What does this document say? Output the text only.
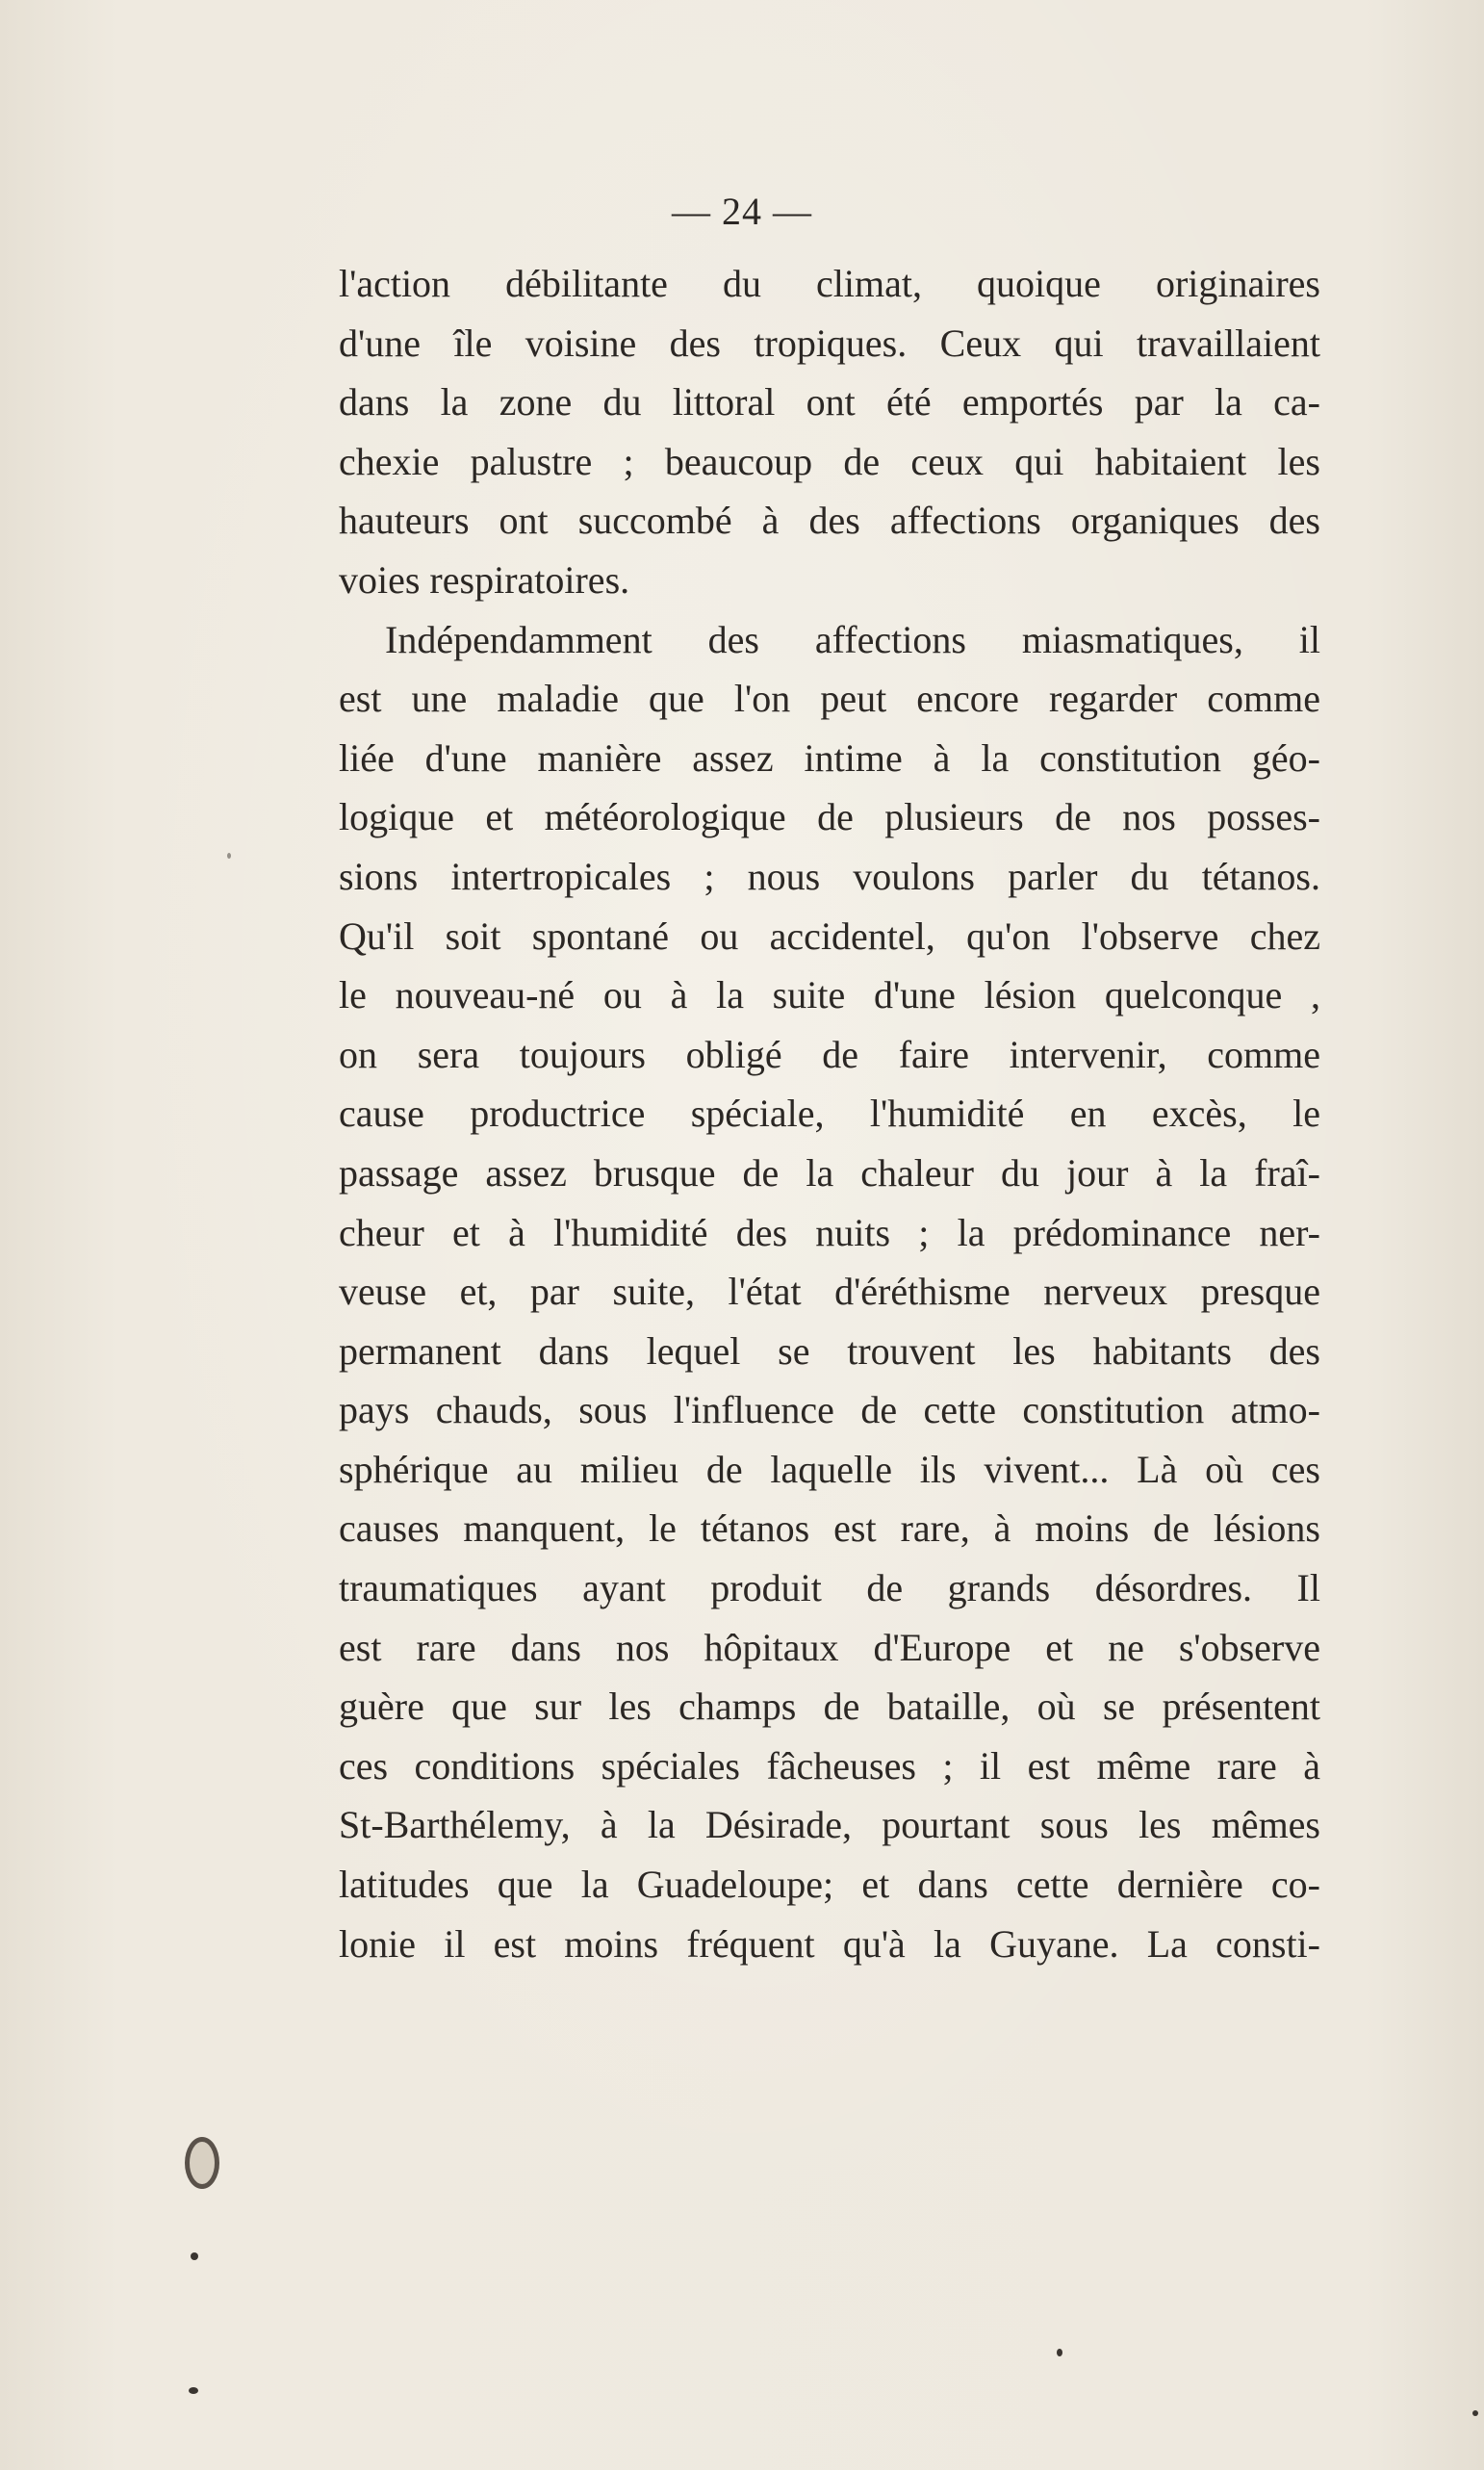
— 24 —
l'action débilitante du climat, quoique originaires
d'une île voisine des tropiques. Ceux qui travaillaient
dans la zone du littoral ont été emportés par la ca-
chexie palustre ; beaucoup de ceux qui habitaient les
hauteurs ont succombé à des affections organiques des
voies respiratoires.
Indépendamment des affections miasmatiques, il
est une maladie que l'on peut encore regarder comme
liée d'une manière assez intime à la constitution géo-
logique et météorologique de plusieurs de nos posses-
sions intertropicales ; nous voulons parler du tétanos.
Qu'il soit spontané ou accidentel, qu'on l'observe chez
le nouveau-né ou à la suite d'une lésion quelconque ,
on sera toujours obligé de faire intervenir, comme
cause productrice spéciale, l'humidité en excès, le
passage assez brusque de la chaleur du jour à la fraî-
cheur et à l'humidité des nuits ; la prédominance ner-
veuse et, par suite, l'état d'éréthisme nerveux presque
permanent dans lequel se trouvent les habitants des
pays chauds, sous l'influence de cette constitution atmo-
sphérique au milieu de laquelle ils vivent... Là où ces
causes manquent, le tétanos est rare, à moins de lésions
traumatiques ayant produit de grands désordres. Il
est rare dans nos hôpitaux d'Europe et ne s'observe
guère que sur les champs de bataille, où se présentent
ces conditions spéciales fâcheuses ; il est même rare à
St-Barthélemy, à la Désirade, pourtant sous les mêmes
latitudes que la Guadeloupe; et dans cette dernière co-
lonie il est moins fréquent qu'à la Guyane. La consti-
